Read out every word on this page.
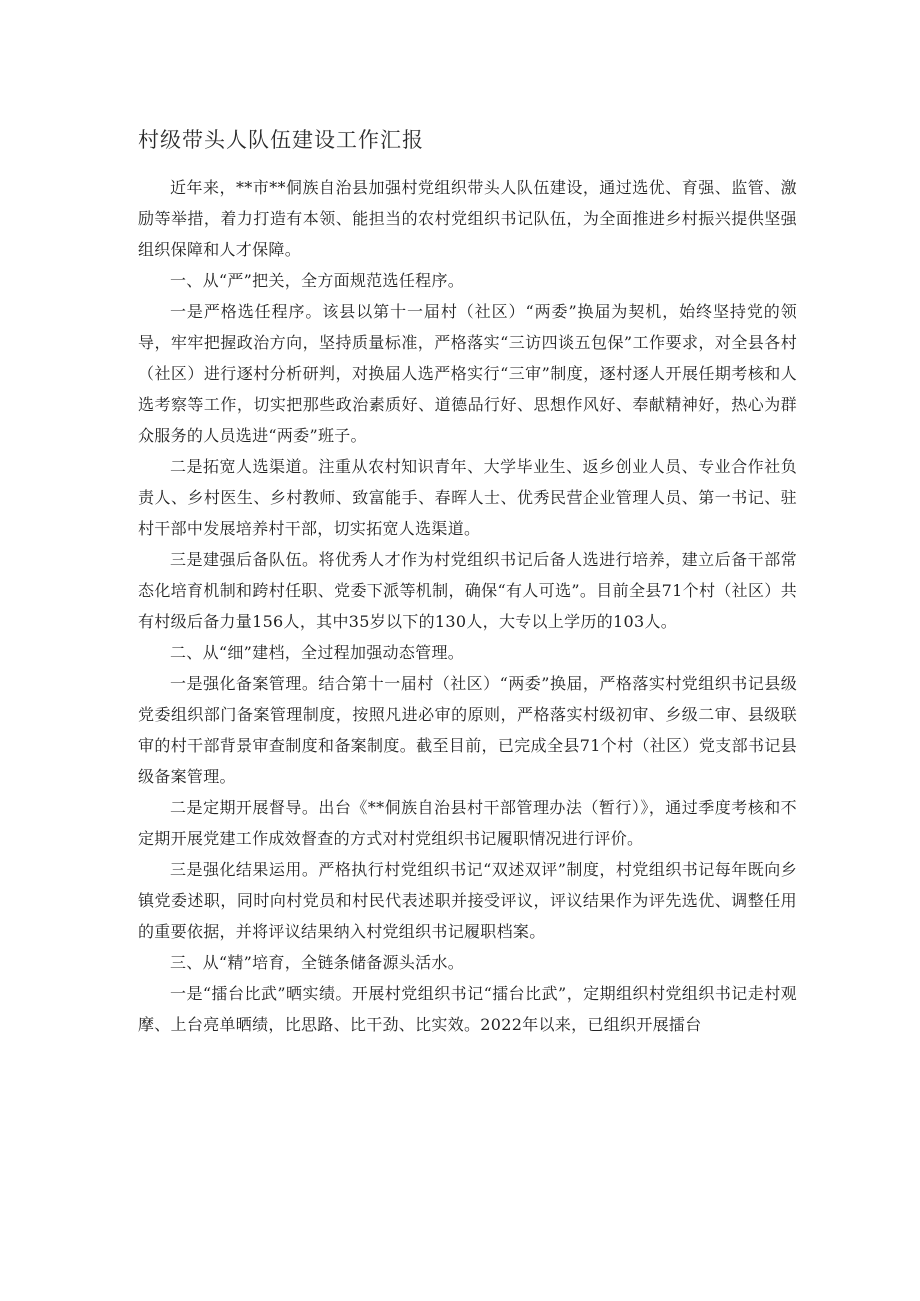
村级带头人队伍建设工作汇报

近年来，**市**侗族自治县加强村党组织带头人队伍建设，通过选优、育强、监管、激励等举措，着力打造有本领、能担当的农村党组织书记队伍，为全面推进乡村振兴提供坚强组织保障和人才保障。

一、从“严”把关，全方面规范选任程序。

一是严格选任程序。该县以第十一届村（社区）“两委”换届为契机，始终坚持党的领导，牢牢把握政治方向，坚持质量标准，严格落实“三访四谈五包保”工作要求，对全县各村（社区）进行逐村分析研判，对换届人选严格实行“三审”制度，逐村逐人开展任期考核和人选考察等工作，切实把那些政治素质好、道德品行好、思想作风好、奉献精神好，热心为群众服务的人员选进“两委”班子。

二是拓宽人选渠道。注重从农村知识青年、大学毕业生、返乡创业人员、专业合作社负责人、乡村医生、乡村教师、致富能手、春晖人士、优秀民营企业管理人员、第一书记、驻村干部中发展培养村干部，切实拓宽人选渠道。

三是建强后备队伍。将优秀人才作为村党组织书记后备人选进行培养，建立后备干部常态化培育机制和跨村任职、党委下派等机制，确保“有人可选”。目前全县71个村（社区）共有村级后备力量156人，其中35岁以下的130人，大专以上学历的103人。

二、从“细”建档，全过程加强动态管理。

一是强化备案管理。结合第十一届村（社区）“两委”换届，严格落实村党组织书记县级党委组织部门备案管理制度，按照凡进必审的原则，严格落实村级初审、乡级二审、县级联审的村干部背景审查制度和备案制度。截至目前，已完成全县71个村（社区）党支部书记县级备案管理。

二是定期开展督导。出台《**侗族自治县村干部管理办法（暂行）》，通过季度考核和不定期开展党建工作成效督查的方式对村党组织书记履职情况进行评价。

三是强化结果运用。严格执行村党组织书记“双述双评”制度，村党组织书记每年既向乡镇党委述职，同时向村党员和村民代表述职并接受评议，评议结果作为评先选优、调整任用的重要依据，并将评议结果纳入村党组织书记履职档案。

三、从“精”培育，全链条储备源头活水。

一是“擂台比武”晒实绩。开展村党组织书记“擂台比武”，定期组织村党组织书记走村观摩、上台亮单晒绩，比思路、比干劲、比实效。2022年以来，已组织开展擂台
